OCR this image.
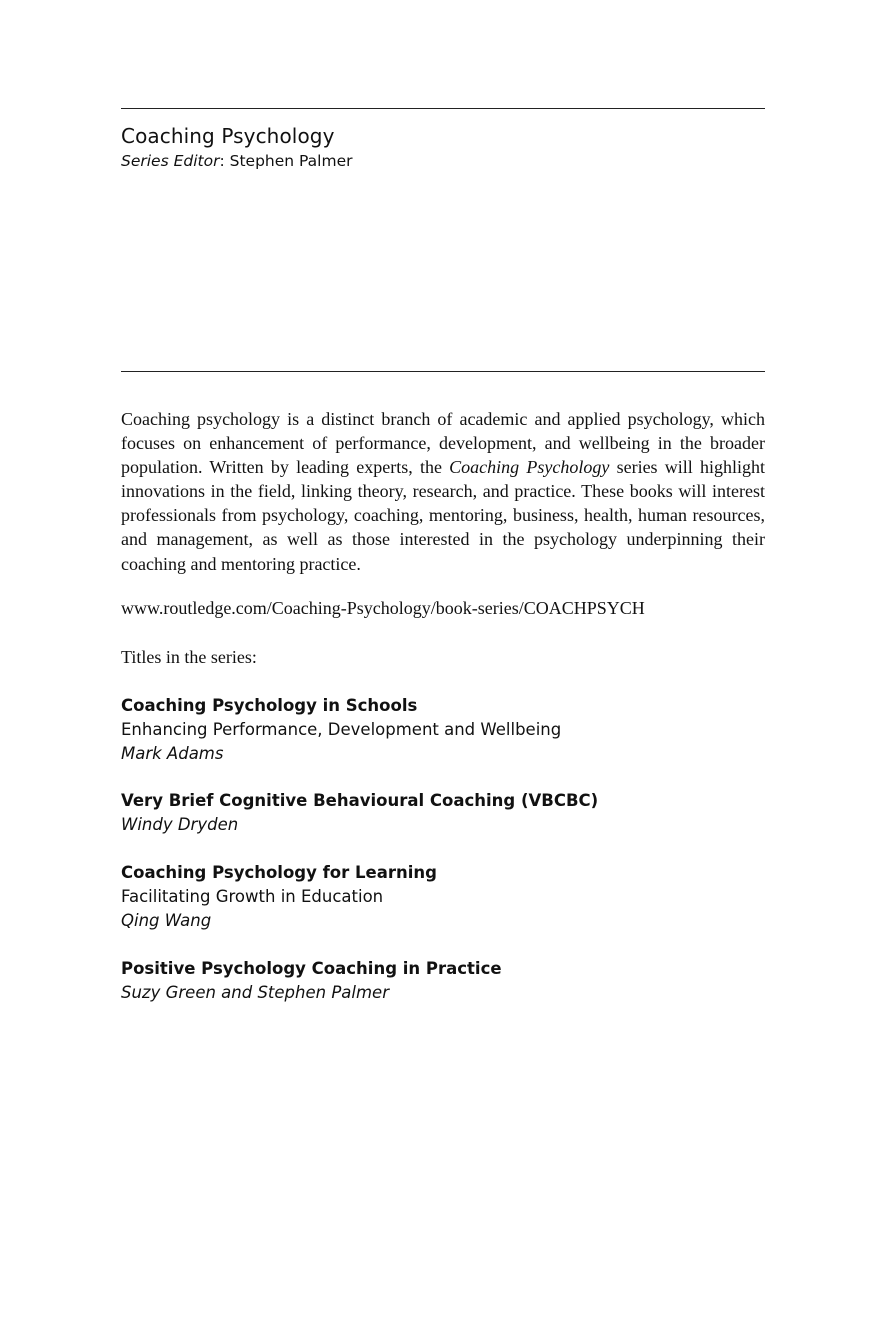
Coaching Psychology
Series Editor: Stephen Palmer

Coaching psychology is a distinct branch of academic and applied psychology, which focuses on enhancement of performance, development, and wellbeing in the broader population. Written by leading experts, the Coaching Psychology series will highlight innovations in the field, linking theory, research, and practice. These books will interest professionals from psychology, coaching, mentoring, business, health, human resources, and management, as well as those interested in the psychology underpinning their coaching and mentoring practice.

www.routledge.com/Coaching-Psychology/book-series/COACHPSYCH
Titles in the series:
Coaching Psychology in Schools
Enhancing Performance, Development and Wellbeing
Mark Adams
Very Brief Cognitive Behavioural Coaching (VBCBC)
Windy Dryden
Coaching Psychology for Learning
Facilitating Growth in Education
Qing Wang
Positive Psychology Coaching in Practice
Suzy Green and Stephen Palmer
